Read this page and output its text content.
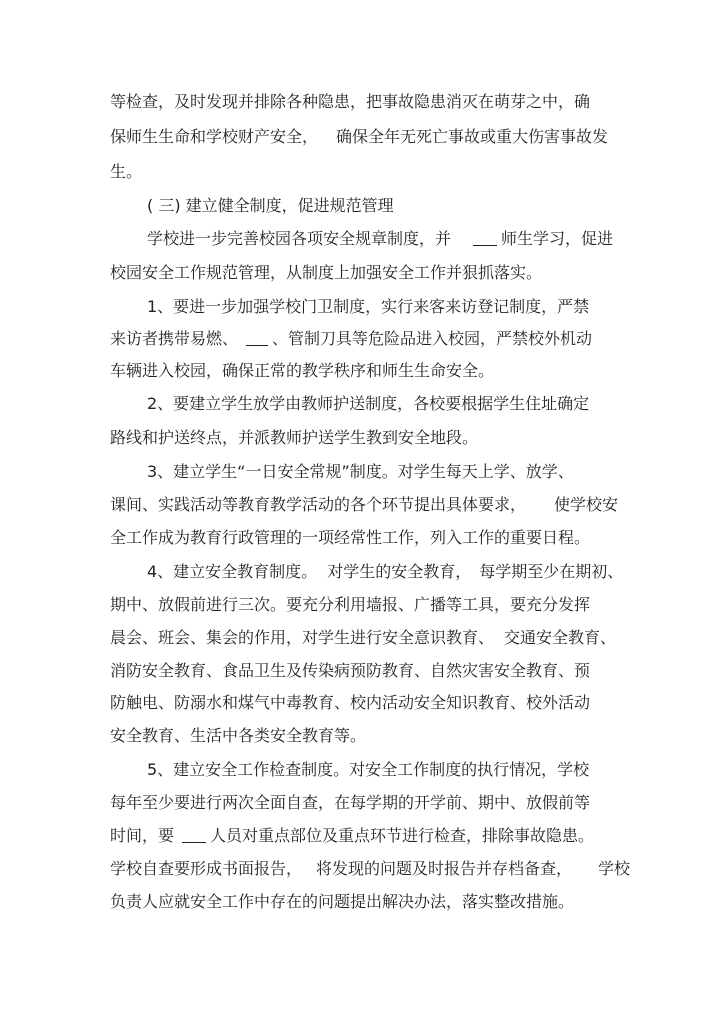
等检查，及时发现并排除各种隐患，把事故隐患消灭在萌芽之中，确
保师生生命和学校财产安全， 确保全年无死亡事故或重大伤害事故发
生。
( 三) 建立健全制度，促进规范管理
学校进一步完善校园各项安全规章制度，并	师生学习，促进
校园安全工作规范管理，从制度上加强安全工作并狠抓落实。
1、要进一步加强学校门卫制度，实行来客来访登记制度，严禁
来访者携带易燃、 、管制刀具等危险品进入校园，严禁校外机动
车辆进入校园，确保正常的教学秩序和师生生命安全。
2、要建立学生放学由教师护送制度，各校要根据学生住址确定
路线和护送终点，并派教师护送学生教到安全地段。
3、建立学生“一日安全常规”制度。对学生每天上学、放学、
课间、实践活动等教育教学活动的各个环节提出具体要求， 使学校安
全工作成为教育行政管理的一项经常性工作，列入工作的重要日程。
4、建立安全教育制度。 对学生的安全教育， 每学期至少在期初、
期中、放假前进行三次。要充分利用墙报、广播等工具，要充分发挥
晨会、班会、集会的作用，对学生进行安全意识教育、 交通安全教育、
消防安全教育、食品卫生及传染病预防教育、自然灾害安全教育、预
防触电、防溺水和煤气中毒教育、校内活动安全知识教育、校外活动
安全教育、生活中各类安全教育等。
5、建立安全工作检查制度。对安全工作制度的执行情况，学校
每年至少要进行两次全面自查，在每学期的开学前、期中、放假前等
时间，要 人员对重点部位及重点环节进行检查，排除事故隐患。
学校自查要形成书面报告， 将发现的问题及时报告并存档备查， 学校
负责人应就安全工作中存在的问题提出解决办法，落实整改措施。
